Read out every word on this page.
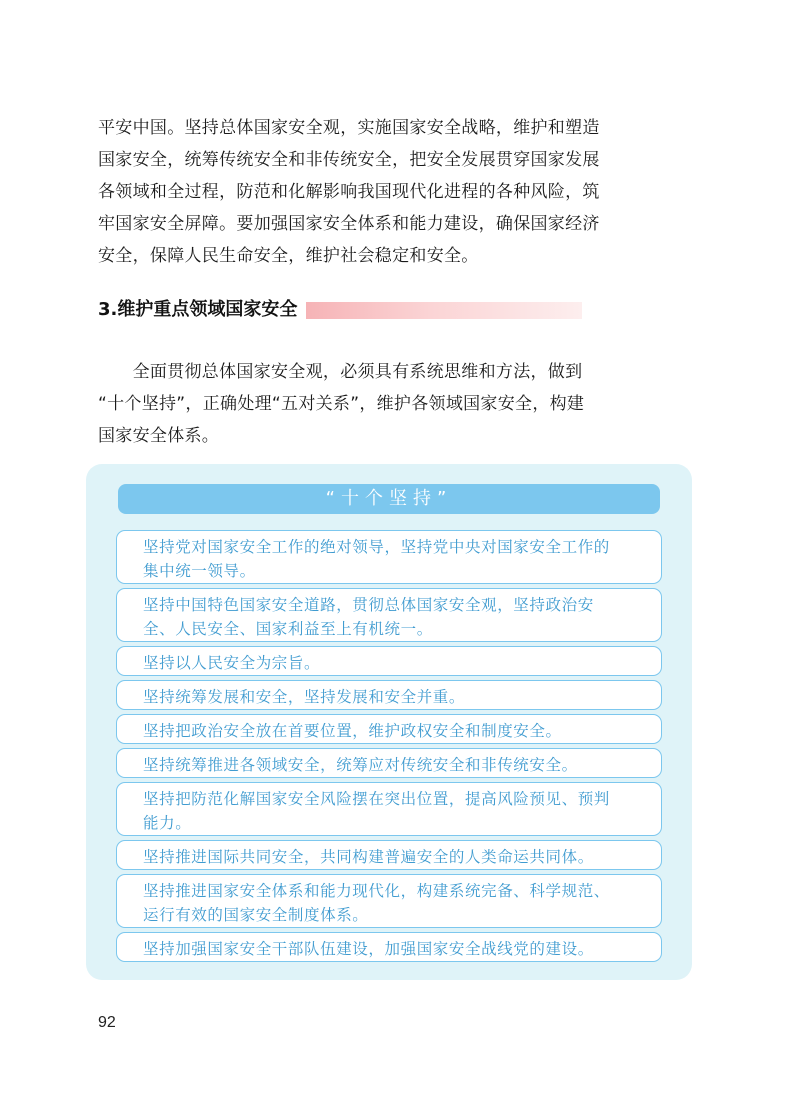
平安中国。坚持总体国家安全观，实施国家安全战略，维护和塑造
国家安全，统筹传统安全和非传统安全，把安全发展贯穿国家发展
各领域和全过程，防范和化解影响我国现代化进程的各种风险，筑
牢国家安全屏障。要加强国家安全体系和能力建设，确保国家经济
安全，保障人民生命安全，维护社会稳定和安全。
3.维护重点领域国家安全
　　全面贯彻总体国家安全观，必须具有系统思维和方法，做到
“十个坚持”，正确处理“五对关系”，维护各领域国家安全，构建
国家安全体系。
“十个坚持”
坚持党对国家安全工作的绝对领导，坚持党中央对国家安全工作的
集中统一领导。
坚持中国特色国家安全道路，贯彻总体国家安全观，坚持政治安
全、人民安全、国家利益至上有机统一。
坚持以人民安全为宗旨。
坚持统筹发展和安全，坚持发展和安全并重。
坚持把政治安全放在首要位置，维护政权安全和制度安全。
坚持统筹推进各领域安全，统筹应对传统安全和非传统安全。
坚持把防范化解国家安全风险摆在突出位置，提高风险预见、预判
能力。
坚持推进国际共同安全，共同构建普遍安全的人类命运共同体。
坚持推进国家安全体系和能力现代化，构建系统完备、科学规范、
运行有效的国家安全制度体系。
坚持加强国家安全干部队伍建设，加强国家安全战线党的建设。
92
